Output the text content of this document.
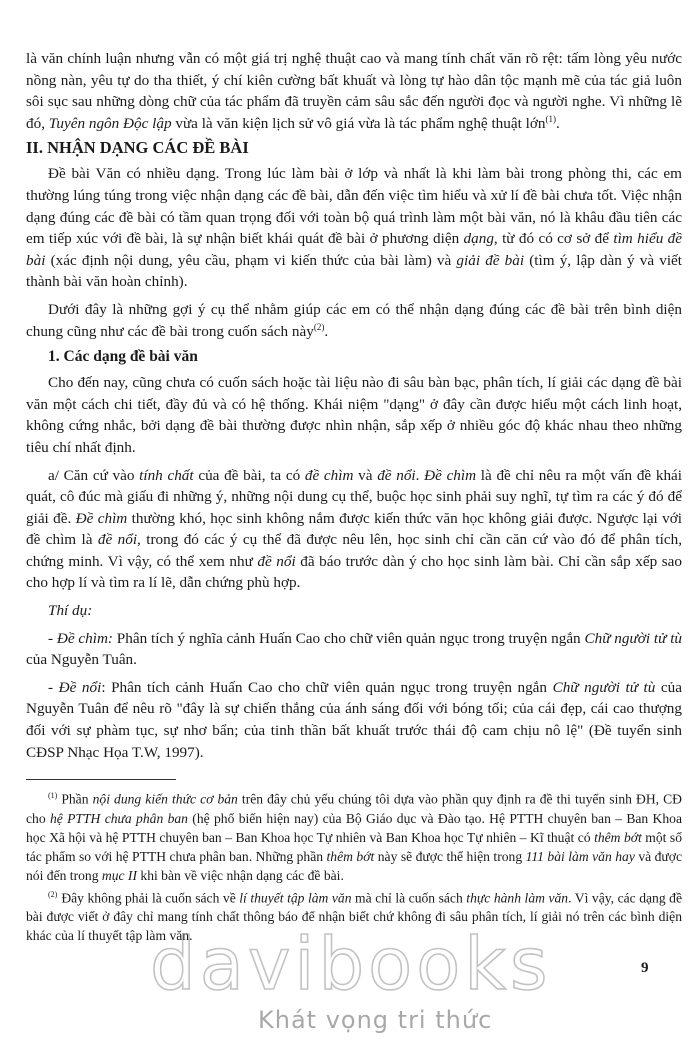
là văn chính luận nhưng vẫn có một giá trị nghệ thuật cao và mang tính chất văn rõ rệt: tấm lòng yêu nước nồng nàn, yêu tự do tha thiết, ý chí kiên cường bất khuất và lòng tự hào dân tộc mạnh mẽ của tác giả luôn sôi sục sau những dòng chữ của tác phẩm đã truyền cảm sâu sắc đến người đọc và người nghe. Vì những lẽ đó, Tuyên ngôn Độc lập vừa là văn kiện lịch sử vô giá vừa là tác phẩm nghệ thuật lớn$^{(1)}$.

II. NHẬN DẠNG CÁC ĐỀ BÀI

Đề bài Văn có nhiều dạng. Trong lúc làm bài ở lớp và nhất là khi làm bài trong phòng thi, các em thường lúng túng trong việc nhận dạng các đề bài, dẫn đến việc tìm hiểu và xử lí đề bài chưa tốt. Việc nhận dạng đúng các đề bài có tầm quan trọng đối với toàn bộ quá trình làm một bài văn, nó là khâu đầu tiên các em tiếp xúc với đề bài, là sự nhận biết khái quát đề bài ở phương diện dạng, từ đó có cơ sở để tìm hiểu đề bài (xác định nội dung, yêu cầu, phạm vi kiến thức của bài làm) và giải đề bài (tìm ý, lập dàn ý và viết thành bài văn hoàn chỉnh).

Dưới đây là những gợi ý cụ thể nhằm giúp các em có thể nhận dạng đúng các đề bài trên bình diện chung cũng như các đề bài trong cuốn sách này$^{(2)}$.

1. Các dạng đề bài văn

Cho đến nay, cũng chưa có cuốn sách hoặc tài liệu nào đi sâu bàn bạc, phân tích, lí giải các dạng đề bài văn một cách chi tiết, đầy đủ và có hệ thống. Khái niệm "dạng" ở đây cần được hiểu một cách linh hoạt, không cứng nhắc, bởi dạng đề bài thường được nhìn nhận, sắp xếp ở nhiều góc độ khác nhau theo những tiêu chí nhất định.

a/ Căn cứ vào tính chất của đề bài, ta có đề chìm và đề nổi. Đề chìm là đề chỉ nêu ra một vấn đề khái quát, cô đúc mà giấu đi những ý, những nội dung cụ thể, buộc học sinh phải suy nghĩ, tự tìm ra các ý đó để giải đề. Đề chìm thường khó, học sinh không nắm được kiến thức văn học không giải được. Ngược lại với đề chìm là đề nổi, trong đó các ý cụ thể đã được nêu lên, học sinh chỉ cần căn cứ vào đó để phân tích, chứng minh. Vì vậy, có thể xem như đề nổi đã báo trước dàn ý cho học sinh làm bài. Chỉ cần sắp xếp sao cho hợp lí và tìm ra lí lẽ, dẫn chứng phù hợp.

Thí dụ:

- Đề chìm: Phân tích ý nghĩa cảnh Huấn Cao cho chữ viên quản ngục trong truyện ngắn Chữ người tử tù của Nguyễn Tuân.

- Đề nổi: Phân tích cảnh Huấn Cao cho chữ viên quản ngục trong truyện ngắn Chữ người tử tù của Nguyễn Tuân để nêu rõ "đây là sự chiến thắng của ánh sáng đối với bóng tối; của cái đẹp, cái cao thượng đối với sự phàm tục, sự nhơ bẩn; của tinh thần bất khuất trước thái độ cam chịu nô lệ" (Đề tuyển sinh CĐSP Nhạc Họa T.W, 1997).

$^{(1)}$ Phần nội dung kiến thức cơ bản trên đây chủ yếu chúng tôi dựa vào phần quy định ra đề thi tuyển sinh ĐH, CĐ cho hệ PTTH chưa phân ban (hệ phổ biến hiện nay) của Bộ Giáo dục và Đào tạo. Hệ PTTH chuyên ban – Ban Khoa học Xã hội và hệ PTTH chuyên ban – Ban Khoa học Tự nhiên và Ban Khoa học Tự nhiên – Kĩ thuật có thêm bớt một số tác phẩm so với hệ PTTH chưa phân ban. Những phần thêm bớt này sẽ được thể hiện trong 111 bài làm văn hay và được nói đến trong mục II khi bàn về việc nhận dạng các đề bài.

$^{(2)}$ Đây không phải là cuốn sách về lí thuyết tập làm văn mà chỉ là cuốn sách thực hành làm văn. Vì vậy, các dạng đề bài được viết ở đây chỉ mang tính chất thông báo để nhận biết chứ không đi sâu phân tích, lí giải nó trên các bình diện khác của lí thuyết tập làm văn.

9
davibooks
Khát vọng tri thức
